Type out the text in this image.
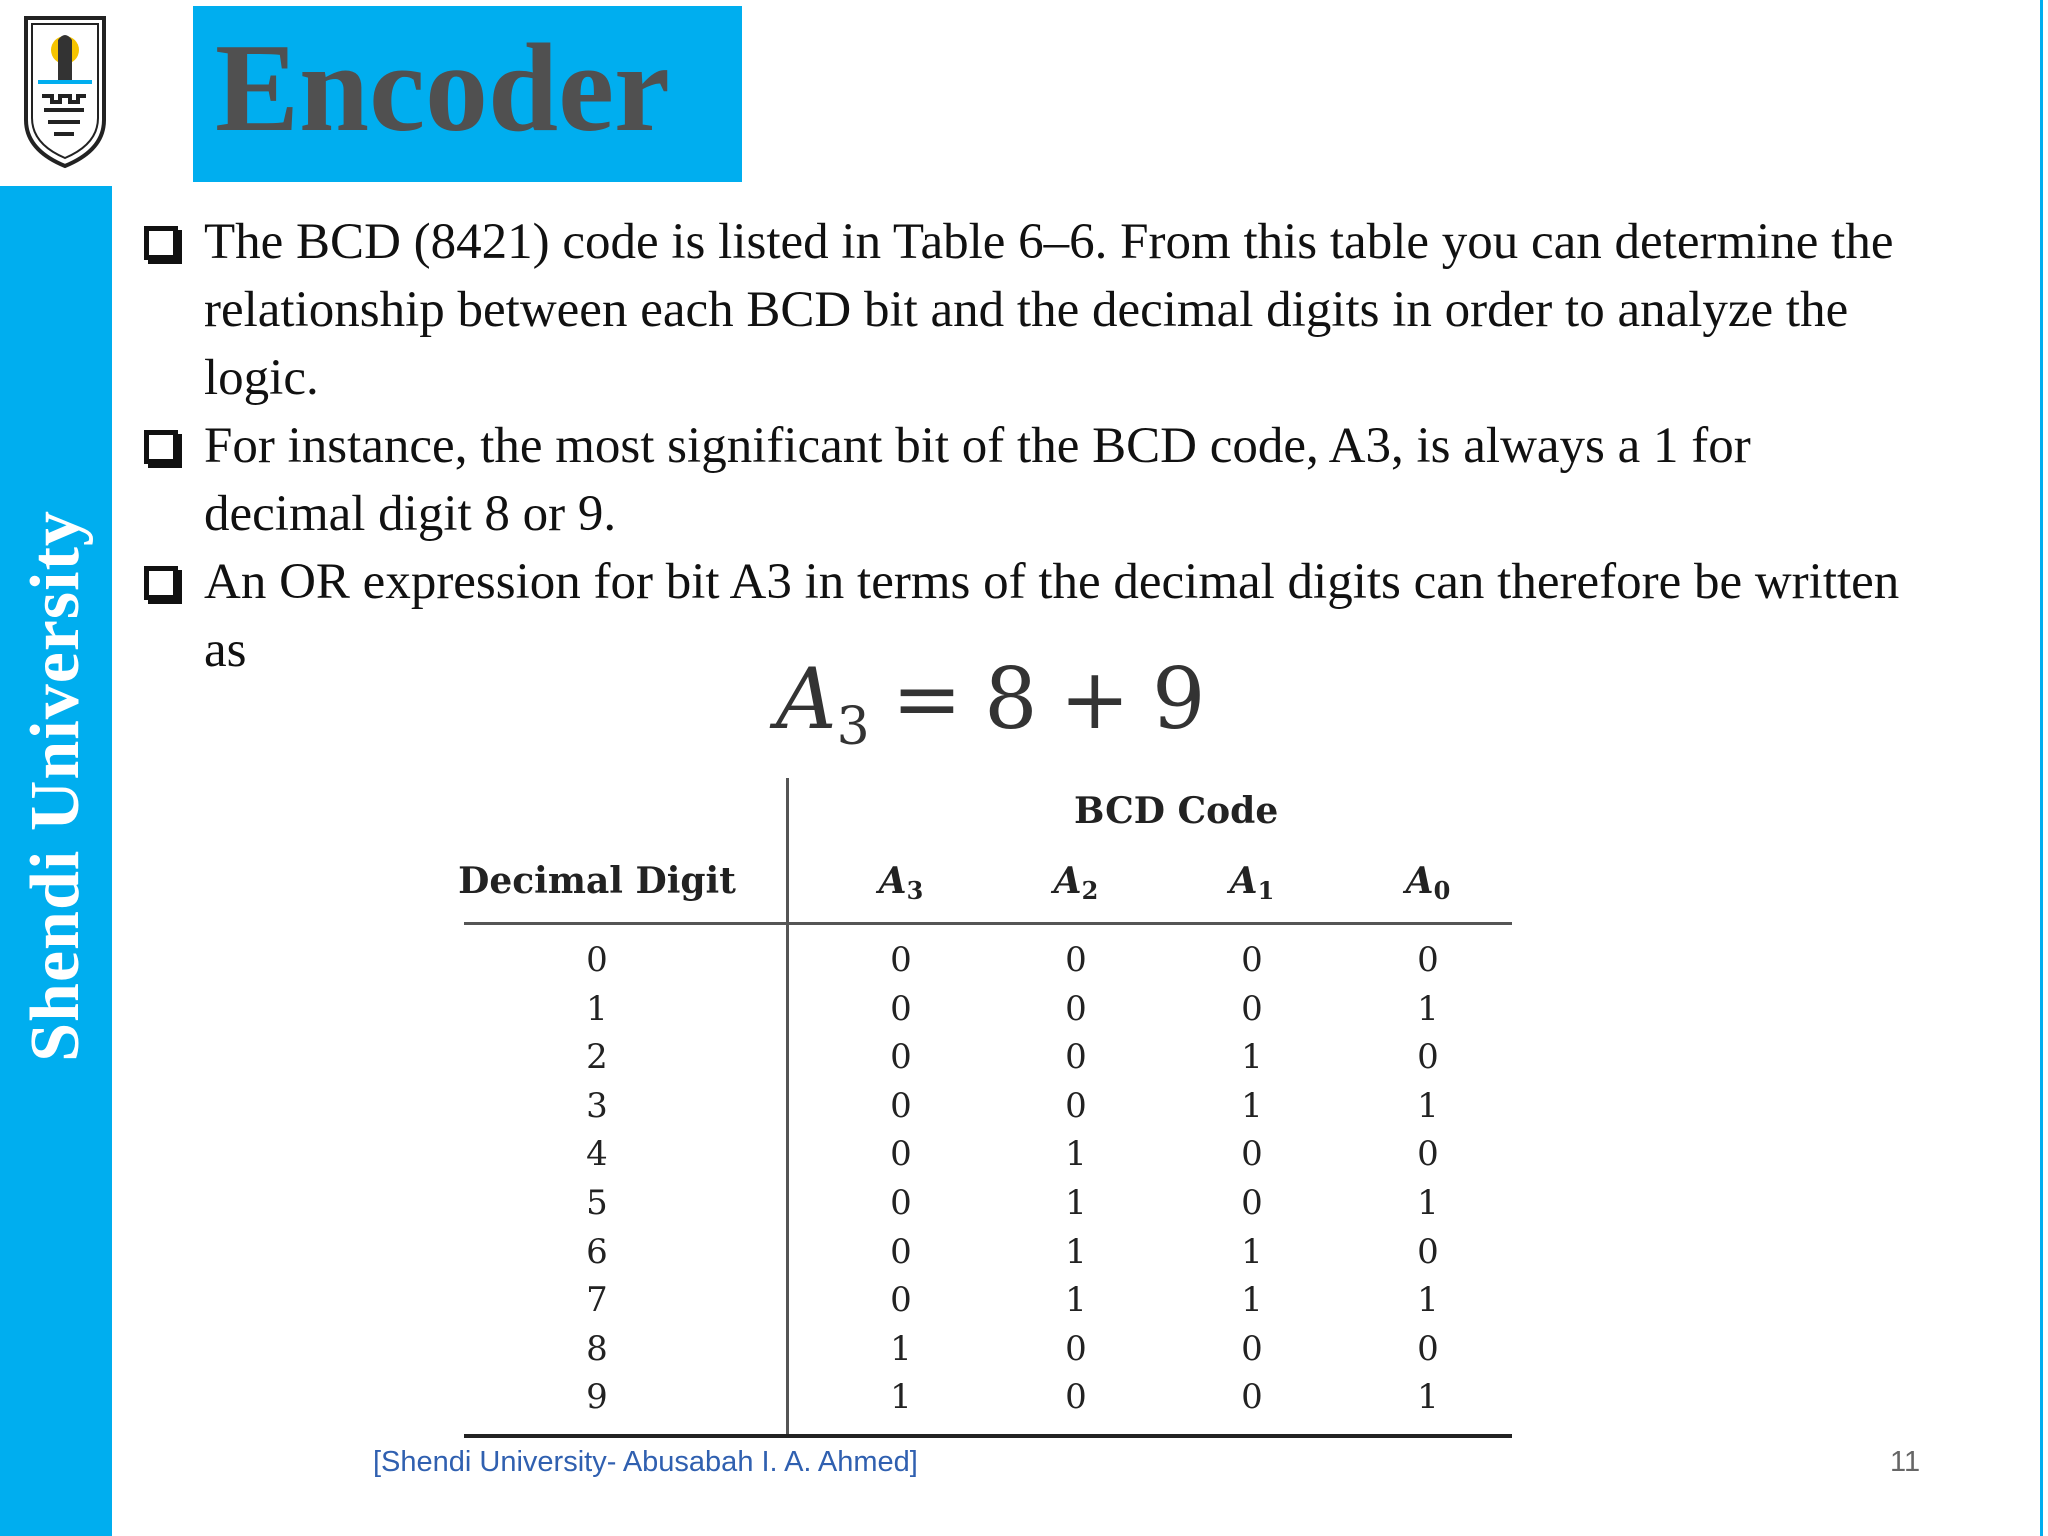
Shendi University
Encoder
The BCD (8421) code is listed in Table 6–6. From this table you can determine the relationship between each BCD bit and the decimal digits in order to analyze the logic.
For instance, the most significant bit of the BCD code, A3, is always a 1 for decimal digit 8 or 9.
An OR expression for bit A3 in terms of the decimal digits can therefore be written as	$A_3 = 8 + 9$
BCD Code
Decimal Digit	$A_3$	$A_2$	$A_1$	$A_0$
0	0	0	0	0
1	0	0	0	1
2	0	0	1	0
3	0	0	1	1
4	0	1	0	0
5	0	1	0	1
6	0	1	1	0
7	0	1	1	1
8	1	0	0	0
9	1	0	0	1
[Shendi University- Abusabah I. A. Ahmed]	11
